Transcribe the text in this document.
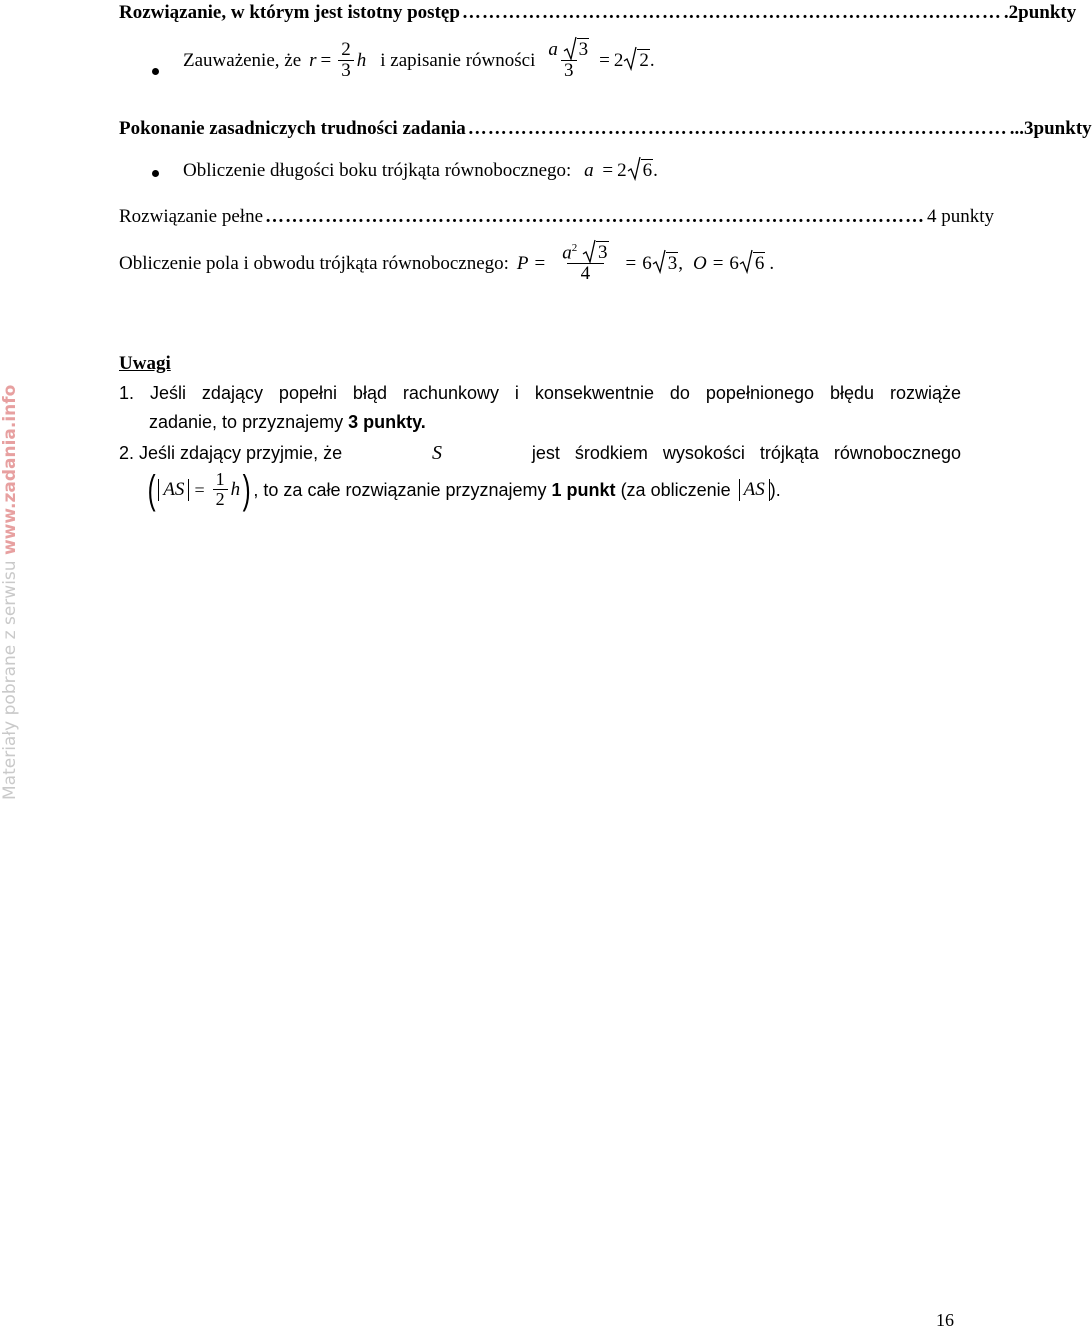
Materiały pobrane z serwisu www.zadania.info
Rozwiązanie, w którym jest istotny postęp ……………………………………………………………………… .2punkty
Zauważenie, że $r = \frac{2}{3}$ h i zapisanie równości $\frac{a 3}{3} = 2$ 2 .
Pokonanie zasadniczych trudności zadania ……………………………………………………………………… ...3punkty
Obliczenie długości boku trójkąta równobocznego: a = 2 6.
Rozwiązanie pełne ……………………………………………………………………………………… 4 punkty
Obliczenie pola i obwodu trójkąta równobocznego: $P = \frac{a^2 3}{4} = 6$ 3 , O = 6 6 .
Uwagi
1. Jeśli zdający popełni błąd rachunkowy i konsekwentnie do popełnionego błędu rozwiąże
zadanie, to przyznajemy 3 punkty.
2. Jeśli zdający przyjmie, że	S	jest środkiem wysokości trójkąta równobocznego
( AS = $\frac{1}{2}$ h ) , to za całe rozwiązanie przyznajemy 1 punkt (za obliczenie AS ).
16
